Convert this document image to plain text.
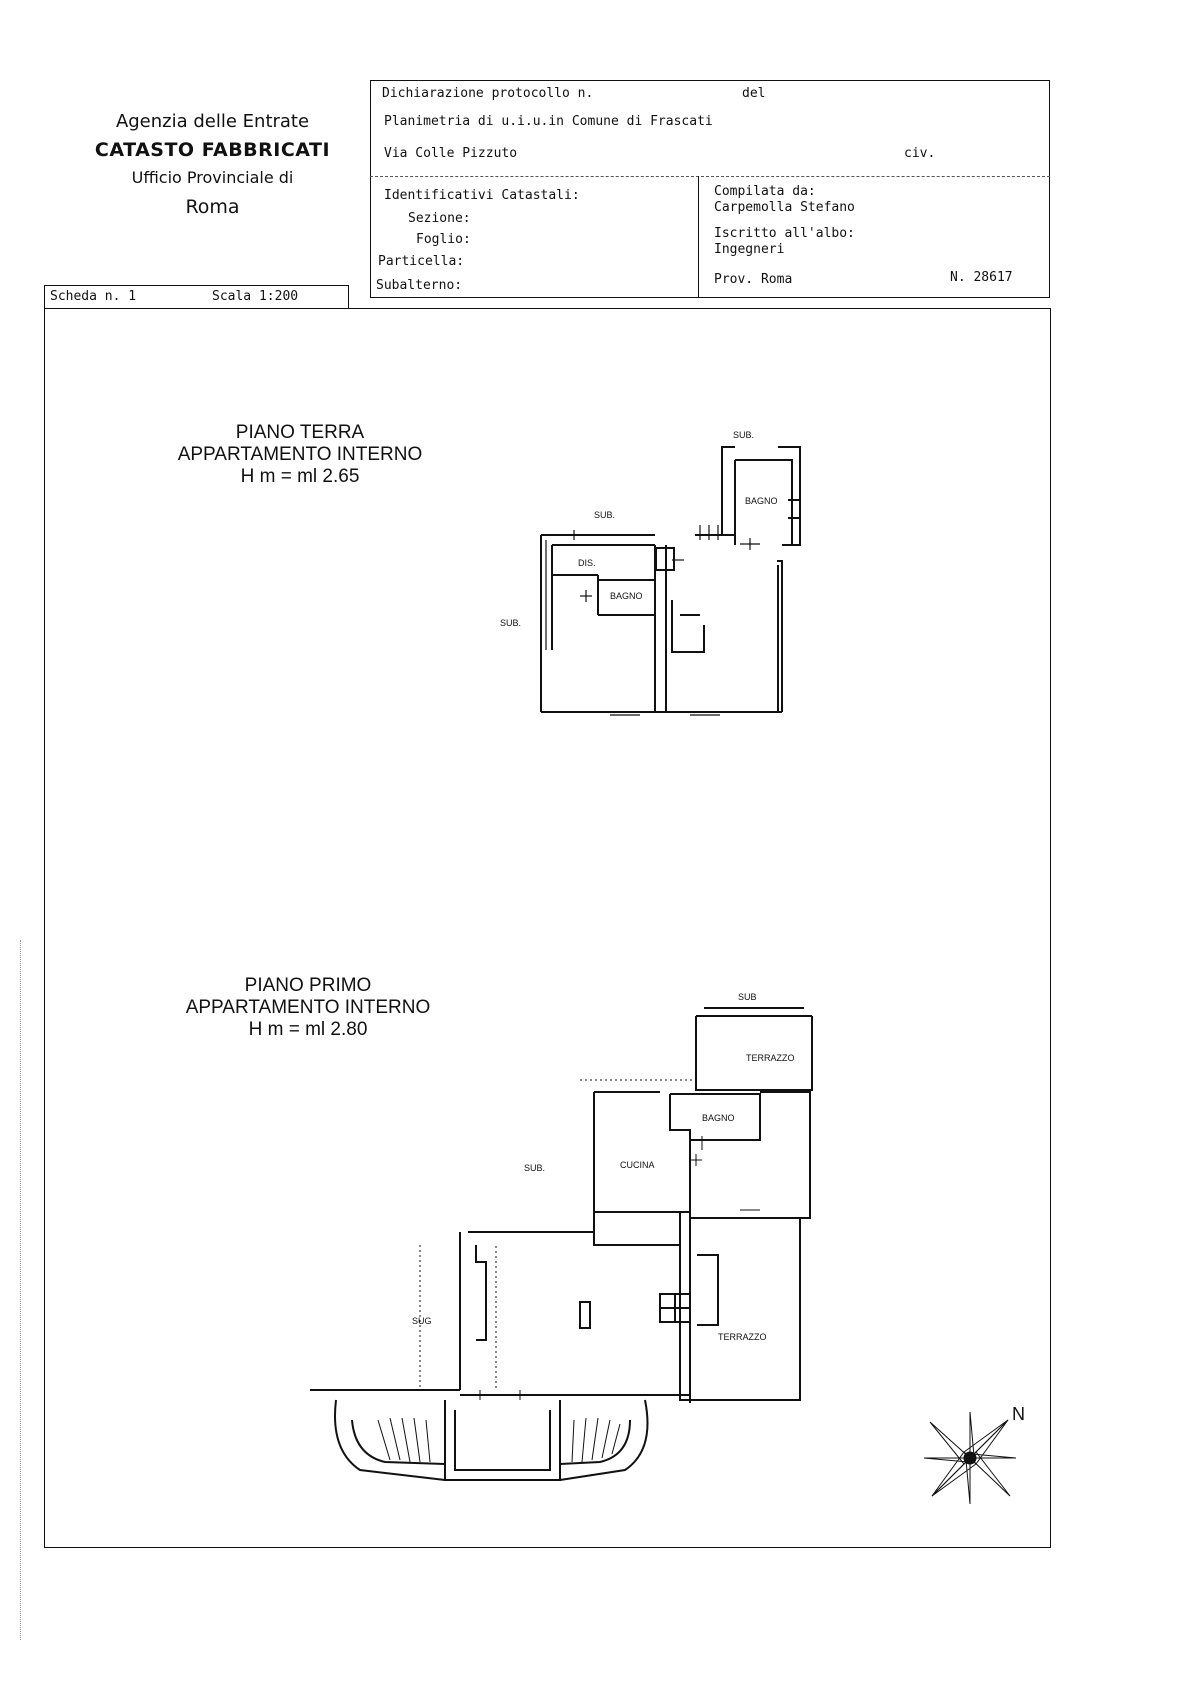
Agenzia delle Entrate
CATASTO FABBRICATI
Ufficio Provinciale di
Roma
Dichiarazione protocollo n.	del
Planimetria di u.i.u.in Comune di Frascati
Via Colle Pizzuto	civ.
Identificativi Catastali:
Sezione:
Foglio:
Particella:
Subalterno:
Compilata da:
Carpemolla Stefano
Iscritto all'albo:
Ingegneri
Prov. Roma	N. 28617
Scheda n. 1	Scala 1:200
PIANO TERRA
APPARTAMENTO INTERNO
H m = ml 2.65
PIANO PRIMO
APPARTAMENTO INTERNO
H m = ml 2.80
SUB.
BAGNO
SUB.
DIS.
BAGNO
SUB.
SUB
TERRAZZO
BAGNO
CUCINA
SUB.
SUG
TERRAZZO
N
